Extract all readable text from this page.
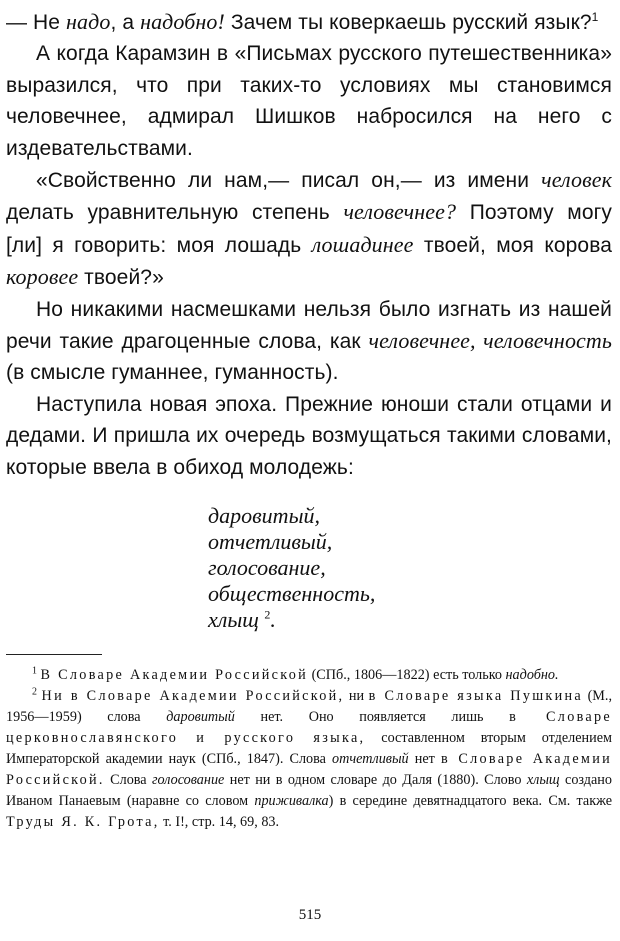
— Не надо, а надобно! Зачем ты коверкаешь русский язык?$^1$

А когда Карамзин в «Письмах русского путешественника» выразился, что при таких-то условиях мы становимся человечнее, адмирал Шишков набросился на него с издевательствами.

«Свойственно ли нам,— писал он,— из имени человек делать уравнительную степень человечнее? Поэтому могу [ли] я говорить: моя лошадь лошадинее твоей, моя корова коровее твоей?»

Но никакими насмешками нельзя было изгнать из нашей речи такие драгоценные слова, как человечнее, человечность (в смысле гуманнее, гуманность).

Наступила новая эпоха. Прежние юноши стали отцами и дедами. И пришла их очередь возмущаться такими словами, которые ввела в обиход молодежь:

даровитый,
отчетливый,
голосование,
общественность,
хлыщ $^2$.

$^1$ В Словаре Академии Российской (СПб., 1806—1822) есть только надобно.

$^2$ Ни в Словаре Академии Российской, ни в Словаре языка Пушкина (М., 1956—1959) слова даровитый нет. Оно появляется лишь в Словаре церковнославянского и русского языка, составленном вторым отделением Императорской академии наук (СПб., 1847). Слова отчетливый нет в Словаре Академии Российской. Слова голосование нет ни в одном словаре до Даля (1880). Слово хлыщ создано Иваном Панаевым (наравне со словом приживалка) в середине девятнадцатого века. См. также Труды Я. К. Грота, т. I!, стр. 14, 69, 83.

515
